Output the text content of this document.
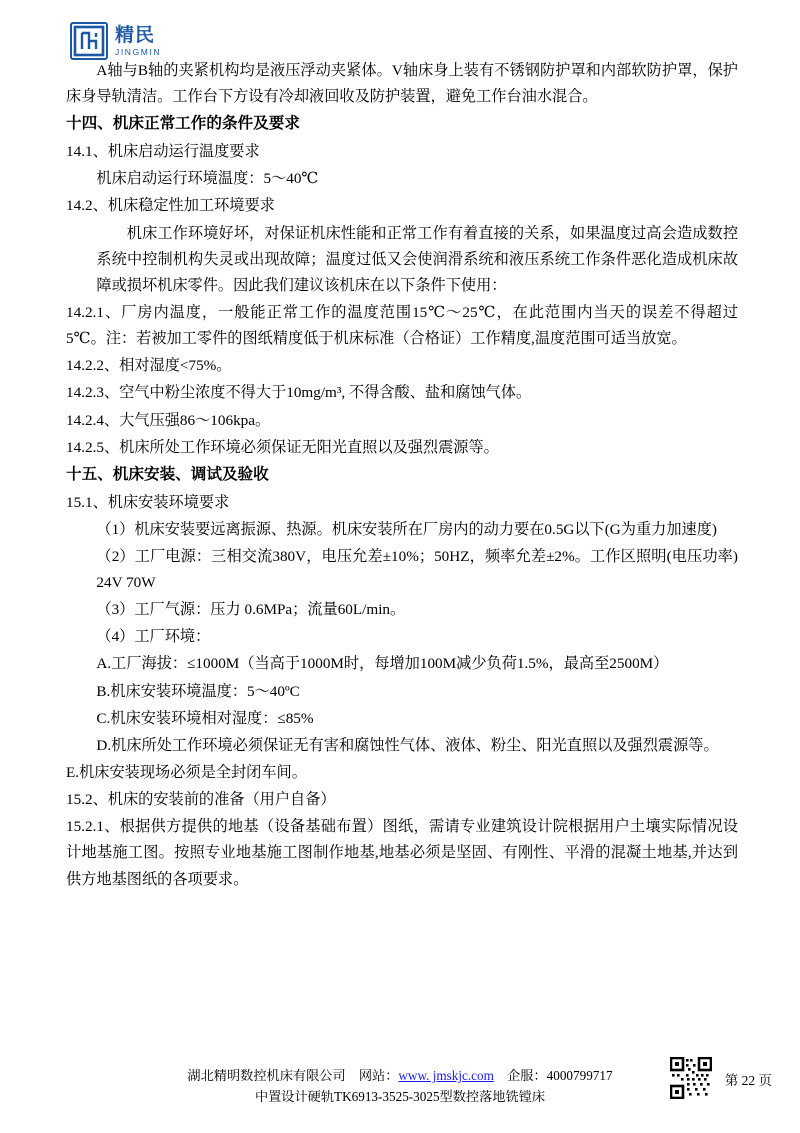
精民
JINGMIN

A轴与B轴的夹紧机构均是液压浮动夹紧体。V轴床身上装有不锈钢防护罩和内部软防护罩，保护床身导轨清洁。工作台下方设有冷却液回收及防护装置，避免工作台油水混合。

十四、机床正常工作的条件及要求

14.1、机床启动运行温度要求

机床启动运行环境温度：5～40℃

14.2、机床稳定性加工环境要求

机床工作环境好坏，对保证机床性能和正常工作有着直接的关系，如果温度过高会造成数控系统中控制机构失灵或出现故障；温度过低又会使润滑系统和液压系统工作条件恶化造成机床故障或损坏机床零件。因此我们建议该机床在以下条件下使用：

14.2.1、厂房内温度，一般能正常工作的温度范围15℃～25℃，在此范围内当天的误差不得超过5℃。注：若被加工零件的图纸精度低于机床标准（合格证）工作精度,温度范围可适当放宽。

14.2.2、相对湿度<75%。

14.2.3、空气中粉尘浓度不得大于10mg/m³, 不得含酸、盐和腐蚀气体。

14.2.4、大气压强86～106kpa。

14.2.5、机床所处工作环境必须保证无阳光直照以及强烈震源等。

十五、机床安装、调试及验收

15.1、机床安装环境要求

（1）机床安装要远离振源、热源。机床安装所在厂房内的动力要在0.5G以下(G为重力加速度)

（2）工厂电源：三相交流380V，电压允差±10%；50HZ，频率允差±2%。工作区照明(电压功率) 24V 70W

（3）工厂气源：压力 0.6MPa；流量60L/min。

（4）工厂环境：

A.工厂海拔：≤1000M（当高于1000M时，每增加100M减少负荷1.5%，最高至2500M）

B.机床安装环境温度：5～40ºC

C.机床安装环境相对湿度：≤85%

D.机床所处工作环境必须保证无有害和腐蚀性气体、液体、粉尘、阳光直照以及强烈震源等。

E.机床安装现场必须是全封闭车间。

15.2、机床的安装前的准备（用户自备）

15.2.1、根据供方提供的地基（设备基础布置）图纸，需请专业建筑设计院根据用户土壤实际情况设计地基施工图。按照专业地基施工图制作地基,地基必须是坚固、有刚性、平滑的混凝土地基,并达到供方地基图纸的各项要求。

湖北精明数控机床有限公司 网站：www. jmskjc.com 企服：4000799717
中置设计硬轨TK6913-3525-3025型数控落地铣镗床
第 22 页
